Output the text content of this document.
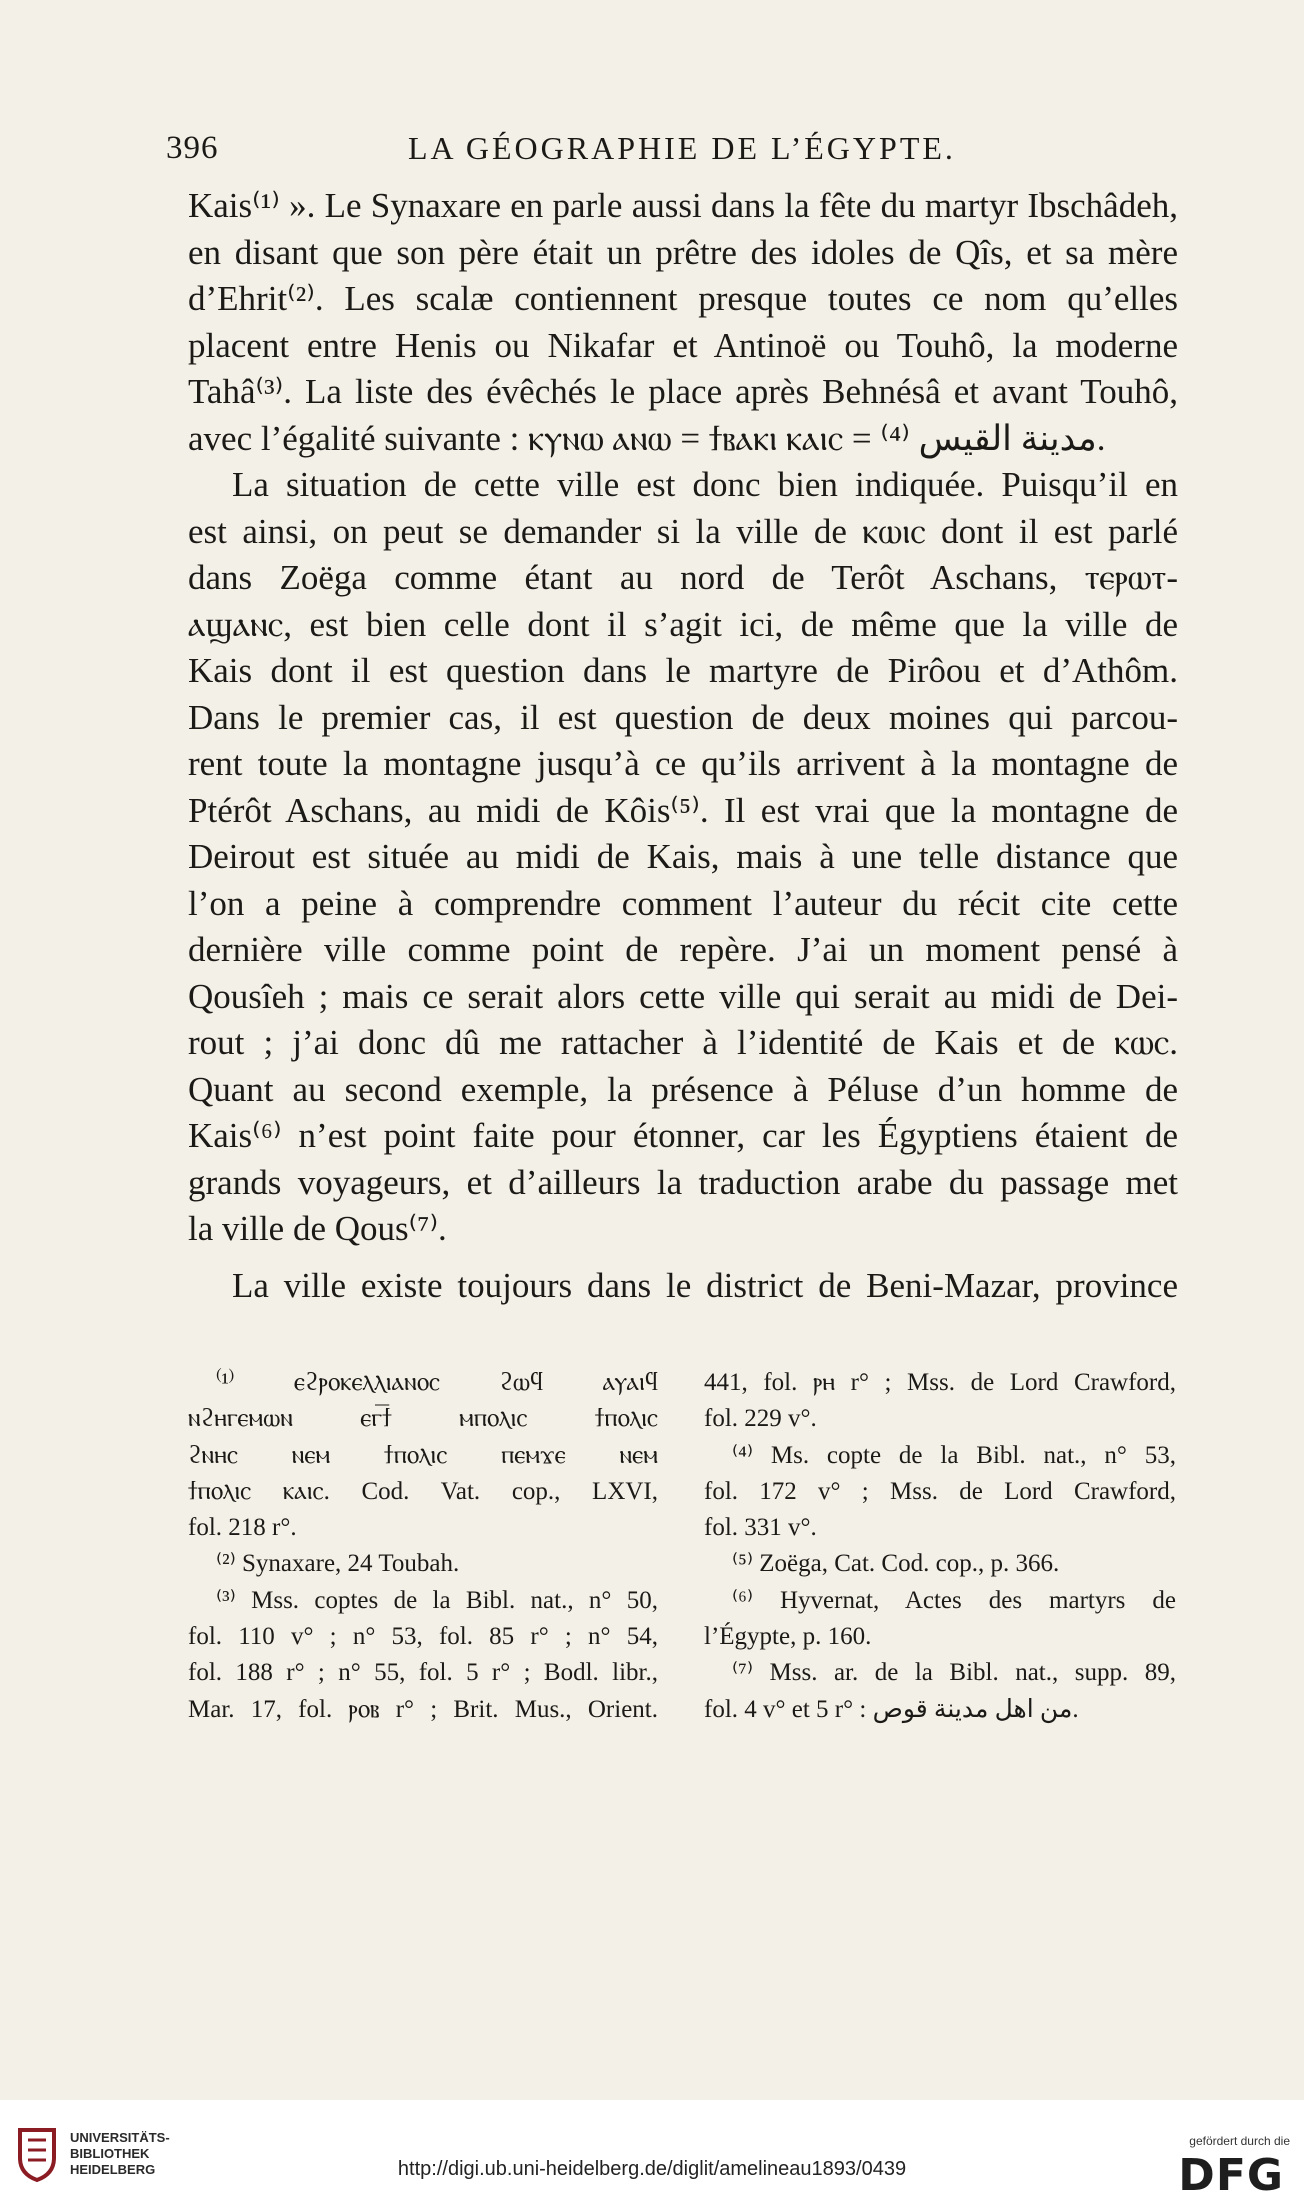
396	LA GÉOGRAPHIE DE L’ÉGYPTE.
Kais⁽¹⁾ ». Le Synaxare en parle aussi dans la fête du martyr Ibschâdeh,
en disant que son père était un prêtre des idoles de Qîs, et sa mère
d’Ehrit⁽²⁾. Les scalæ contiennent presque toutes ce nom qu’elles
placent entre Henis ou Nikafar et Antinoë ou Touhô, la moderne
Tahâ⁽³⁾. La liste des évêchés le place après Behnésâ et avant Touhô,
avec l’égalité suivante : ⲕⲩⲛⲱ ⲁⲛⲱ = ϯⲃⲁⲕⲓ ⲕⲁⲓⲥ = مدينة القيس ⁽⁴⁾.
La situation de cette ville est donc bien indiquée. Puisqu’il en
est ainsi, on peut se demander si la ville de ⲕⲱⲓⲥ dont il est parlé
dans Zoëga comme étant au nord de Terôt Aschans, ⲧⲉⲣⲱⲧ-
ⲁϣⲁⲛⲥ, est bien celle dont il s’agit ici, de même que la ville de
Kais dont il est question dans le martyre de Pirôou et d’Athôm.
Dans le premier cas, il est question de deux moines qui parcou-
rent toute la montagne jusqu’à ce qu’ils arrivent à la montagne de
Ptérôt Aschans, au midi de Kôis⁽⁵⁾. Il est vrai que la montagne de
Deirout est située au midi de Kais, mais à une telle distance que
l’on a peine à comprendre comment l’auteur du récit cite cette
dernière ville comme point de repère. J’ai un moment pensé à
Qousîeh ; mais ce serait alors cette ville qui serait au midi de Dei-
rout ; j’ai donc dû me rattacher à l’identité de Kais et de ⲕⲱⲥ.
Quant au second exemple, la présence à Péluse d’un homme de
Kais⁽⁶⁾ n’est point faite pour étonner, car les Égyptiens étaient de
grands voyageurs, et d’ailleurs la traduction arabe du passage met
la ville de Qous⁽⁷⁾.
La ville existe toujours dans le district de Beni-Mazar, province
⁽¹⁾ ⲉϩⲣⲟⲕⲉⲗⲗⲓⲁⲛⲟⲥ ϩⲱϥ ⲁⲩⲁⲓϥ
ⲛϩⲏⲅⲉⲙⲱⲛ ⲉⲅ͞ϯ ⲙⲡⲟⲗⲓⲥ ϯⲡⲟⲗⲓⲥ
ϩⲛⲏⲥ ⲛⲉⲙ ϯⲡⲟⲗⲓⲥ ⲡⲉⲙϫⲉ ⲛⲉⲙ
ϯⲡⲟⲗⲓⲥ ⲕⲁⲓⲥ. Cod. Vat. cop., LXVI,
fol. 218 r°.
⁽²⁾ Synaxare, 24 Toubah.
⁽³⁾ Mss. coptes de la Bibl. nat., n° 50,
fol. 110 v° ; n° 53, fol. 85 r° ; n° 54,
fol. 188 r° ; n° 55, fol. 5 r° ; Bodl. libr.,
Mar. 17, fol. ⲣⲟⲃ r° ; Brit. Mus., Orient.
441, fol. ⲣⲏ r° ; Mss. de Lord Crawford,
fol. 229 v°.
⁽⁴⁾ Ms. copte de la Bibl. nat., n° 53,
fol. 172 v° ; Mss. de Lord Crawford,
fol. 331 v°.
⁽⁵⁾ Zoëga, Cat. Cod. cop., p. 366.
⁽⁶⁾ Hyvernat, Actes des martyrs de
l’Égypte, p. 160.
⁽⁷⁾ Mss. ar. de la Bibl. nat., supp. 89,
fol. 4 v° et 5 r° : من اهل مدينة قوص.
UNIVERSITÄTS-BIBLIOTHEK HEIDELBERG	http://digi.ub.uni-heidelberg.de/diglit/amelineau1893/0439
gefördert durch die
DFG
